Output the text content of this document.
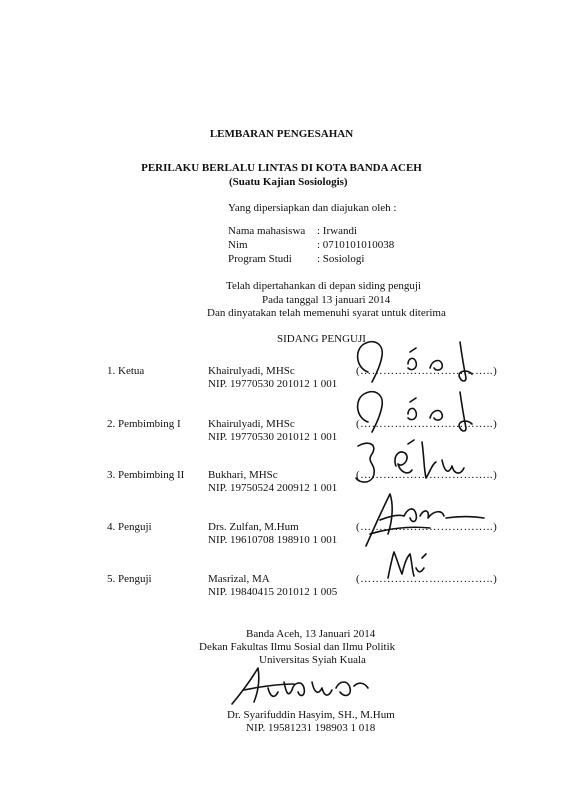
LEMBARAN PENGESAHAN
PERILAKU BERLALU LINTAS DI KOTA BANDA ACEH
(Suatu Kajian Sosiologis)
Yang dipersiapkan dan diajukan oleh :
Nama mahasiswa : Irwandi
Nim	: 0710101010038
Program Studi : Sosiologi
Telah dipertahankan di depan siding penguji
Pada tanggal 13 januari 2014
Dan dinyatakan telah memenuhi syarat untuk diterima
SIDANG PENGUJI
1. Ketua	Khairulyadi, MHSc
NIP. 19770530 201012 1 001
(……………………………..)
2. Pembimbing I Khairulyadi, MHSc
NIP. 19770530 201012 1 001
(……………………………..)
3. Pembimbing II Bukhari, MHSc
NIP. 19750524 200912 1 001
(……………………………..)
4. Penguji	Drs. Zulfan, M.Hum
NIP. 19610708 198910 1 001
(……………………………..)
5. Penguji	Masrizal, MA
NIP. 19840415 201012 1 005
(……………………………..)
Banda Aceh, 13 Januari 2014
Dekan Fakultas Ilmu Sosial dan Ilmu Politik
Universitas Syiah Kuala
Dr. Syarifuddin Hasyim, SH., M.Hum
NIP. 19581231 198903 1 018
